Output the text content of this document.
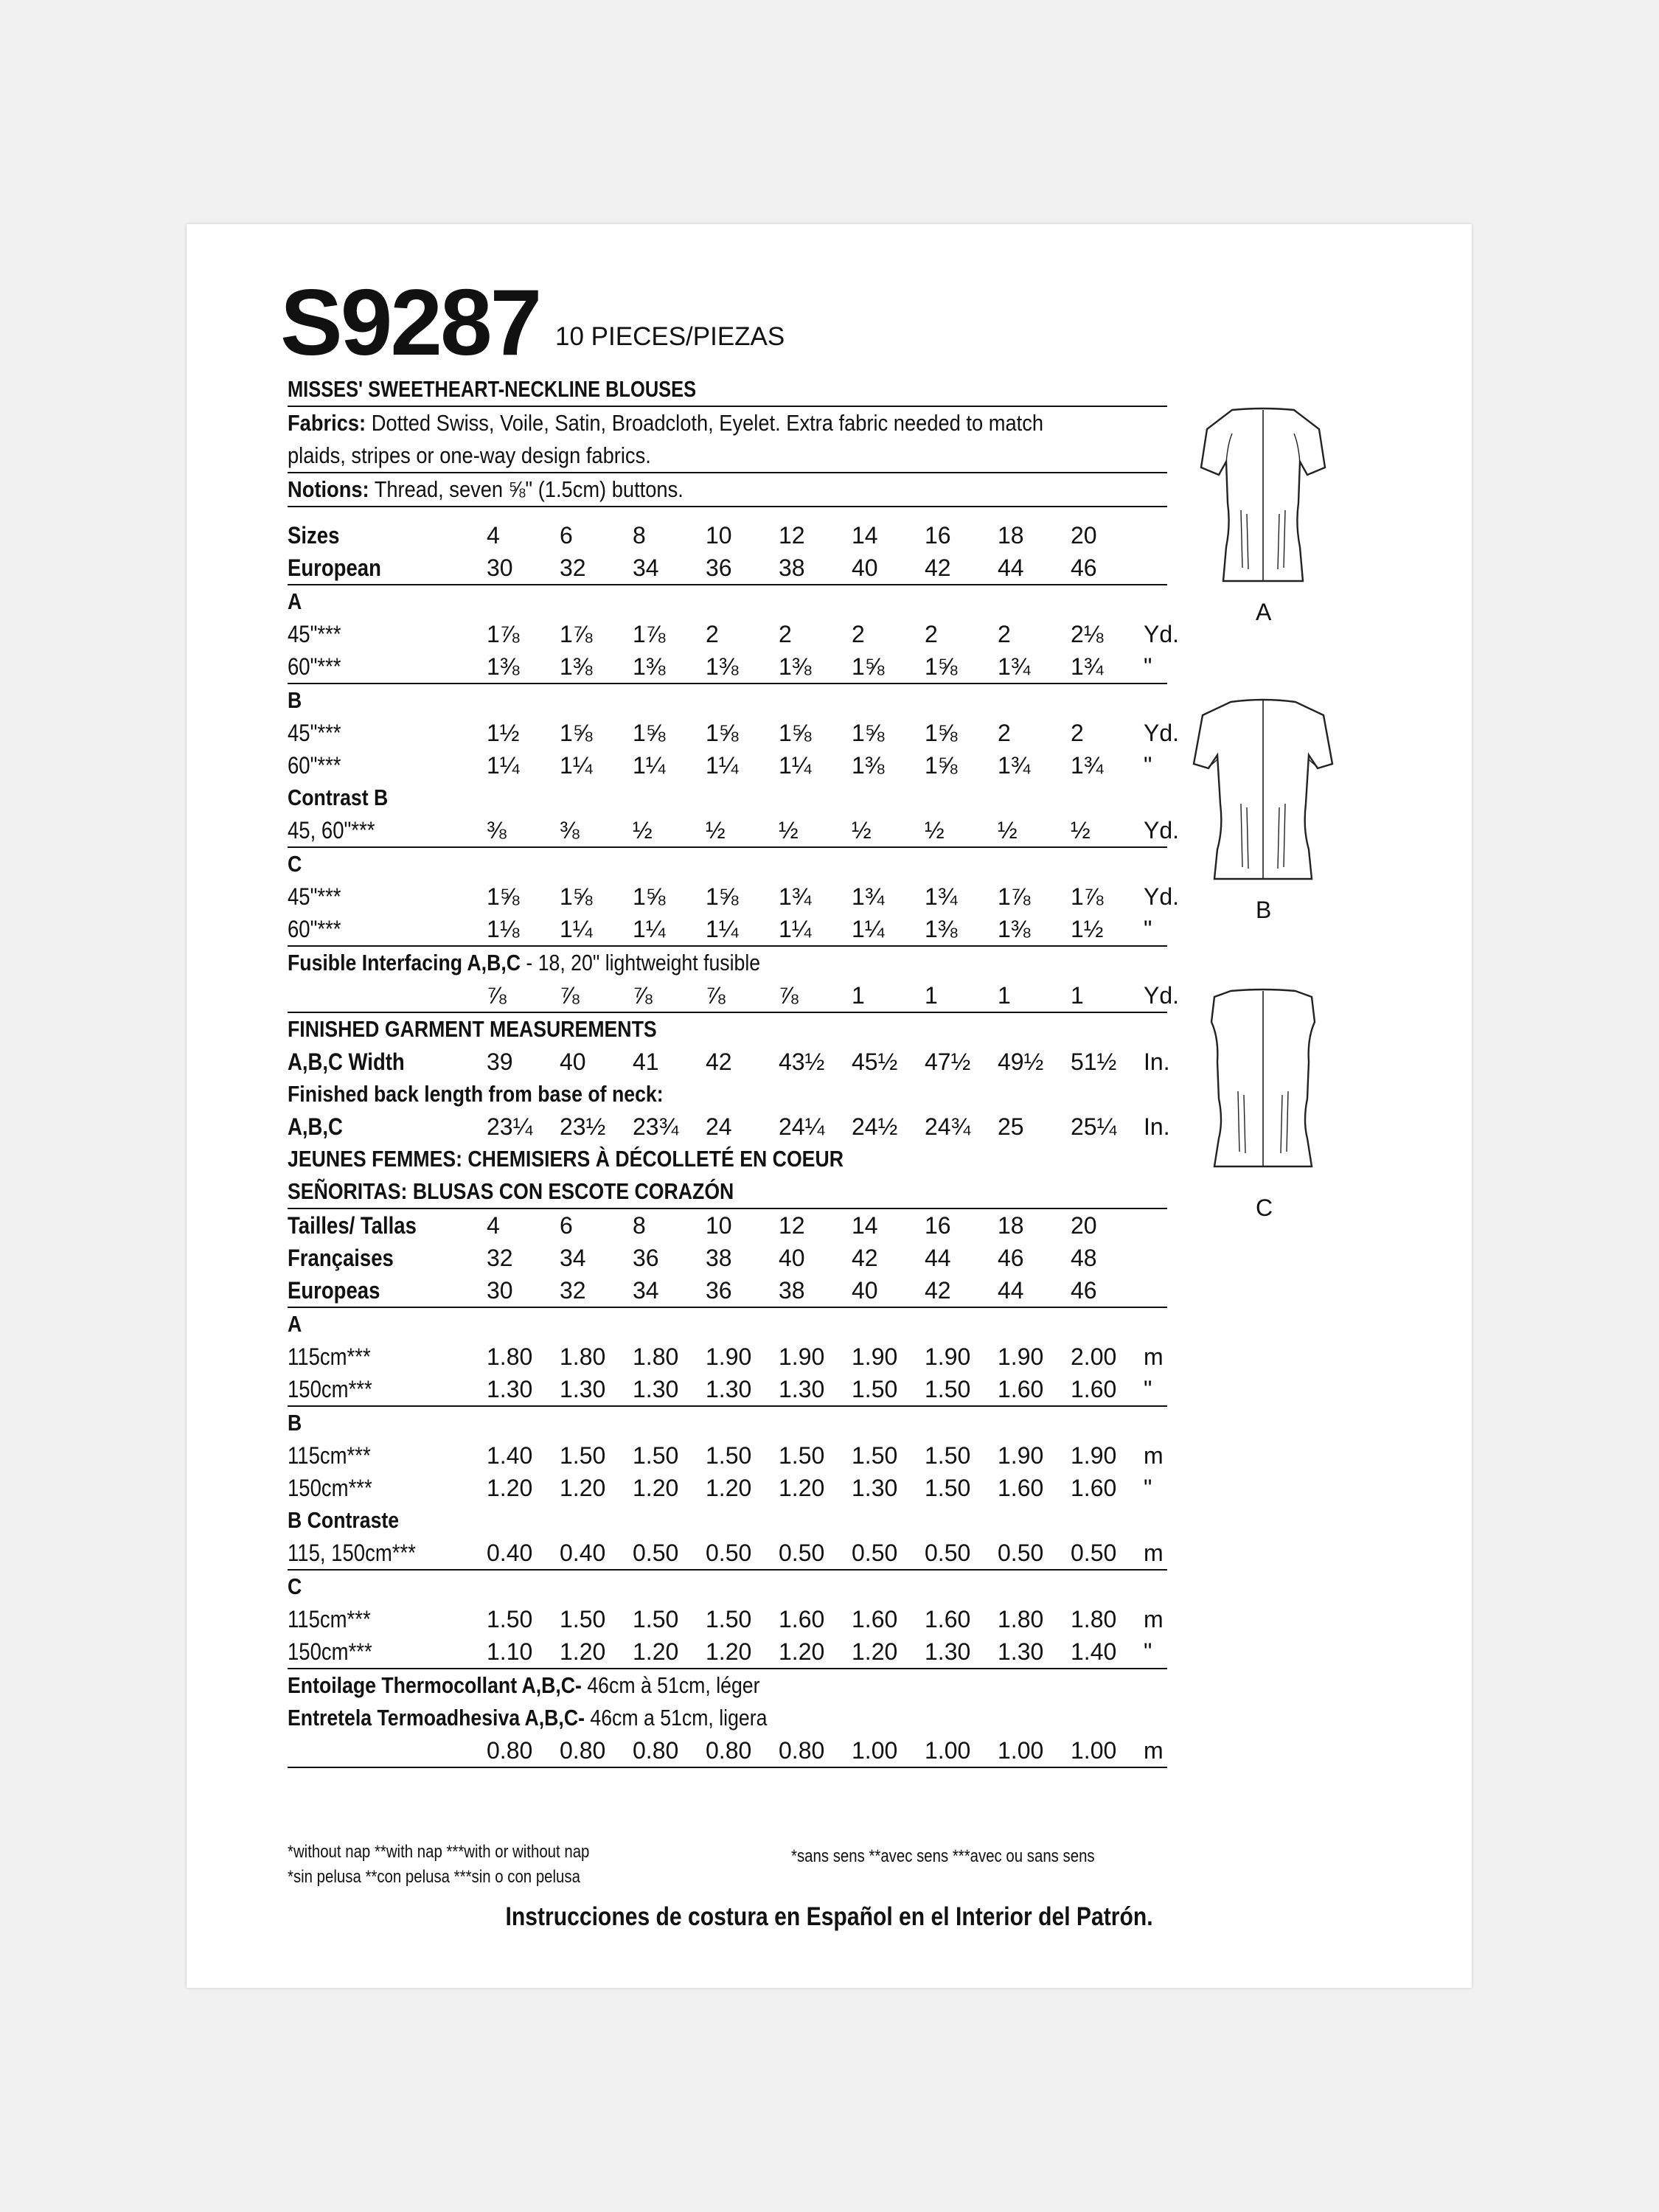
S9287 10 PIECES/PIEZAS
MISSES' SWEETHEART-NECKLINE BLOUSES
Fabrics: Dotted Swiss, Voile, Satin, Broadcloth, Eyelet. Extra fabric needed to match
plaids, stripes or one-way design fabrics.
Notions: Thread, seven ⅝" (1.5cm) buttons.
Sizes	4	6	8	10	12	14	16	18	20
European	30	32	34	36	38	40	42	44	46
A
45"***	1⅞	1⅞	1⅞	2	2	2	2	2	2⅛	Yd.
60"***	1⅜	1⅜	1⅜	1⅜	1⅜	1⅝	1⅝	1¾	1¾	"
B
45"***	1½	1⅝	1⅝	1⅝	1⅝	1⅝	1⅝	2	2	Yd.
60"***	1¼	1¼	1¼	1¼	1¼	1⅜	1⅝	1¾	1¾	"
Contrast B
45, 60"***	⅜	⅜	½	½	½	½	½	½	½	Yd.
C
45"***	1⅝	1⅝	1⅝	1⅝	1¾	1¾	1¾	1⅞	1⅞	Yd.
60"***	1⅛	1¼	1¼	1¼	1¼	1¼	1⅜	1⅜	1½	"
Fusible Interfacing A,B,C - 18, 20" lightweight fusible
⅞	⅞	⅞	⅞	⅞	1	1	1	1	Yd.
FINISHED GARMENT MEASUREMENTS
A,B,C Width	39	40	41	42	43½	45½	47½	49½	51½	In.
Finished back length from base of neck:
A,B,C	23¼	23½	23¾	24	24¼	24½	24¾	25	25¼	In.
JEUNES FEMMES: CHEMISIERS À DÉCOLLETÉ EN COEUR
SEÑORITAS: BLUSAS CON ESCOTE CORAZÓN
Tailles/ Tallas	4	6	8	10	12	14	16	18	20
Françaises	32	34	36	38	40	42	44	46	48
Europeas	30	32	34	36	38	40	42	44	46
A
115cm***	1.80	1.80	1.80	1.90	1.90	1.90	1.90	1.90	2.00	m
150cm***	1.30	1.30	1.30	1.30	1.30	1.50	1.50	1.60	1.60	"
B
115cm***	1.40	1.50	1.50	1.50	1.50	1.50	1.50	1.90	1.90	m
150cm***	1.20	1.20	1.20	1.20	1.20	1.30	1.50	1.60	1.60	"
B Contraste
115, 150cm***	0.40	0.40	0.50	0.50	0.50	0.50	0.50	0.50	0.50	m
C
115cm***	1.50	1.50	1.50	1.50	1.60	1.60	1.60	1.80	1.80	m
150cm***	1.10	1.20	1.20	1.20	1.20	1.20	1.30	1.30	1.40	"
Entoilage Thermocollant A,B,C- 46cm à 51cm, léger
Entretela Termoadhesiva A,B,C- 46cm a 51cm, ligera
0.80	0.80	0.80	0.80	0.80	1.00	1.00	1.00	1.00	m
*without nap **with nap ***with or without nap
*sin pelusa **con pelusa ***sin o con pelusa
*sans sens **avec sens ***avec ou sans sens
Instrucciones de costura en Español en el Interior del Patrón.
A
B
C
